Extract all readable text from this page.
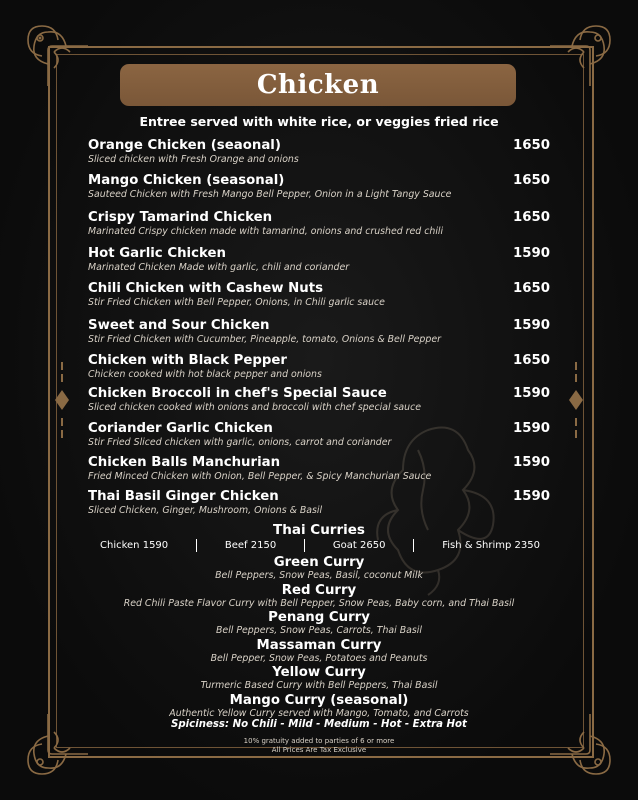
Chicken
Entree served with white rice, or veggies fried rice
Orange Chicken (seaonal)	1650
Sliced chicken with Fresh Orange and onions
Mango Chicken (seasonal)	1650
Sauteed Chicken with Fresh Mango Bell Pepper, Onion in a Light Tangy Sauce
Crispy Tamarind Chicken	1650
Marinated Crispy chicken made with tamarind, onions and crushed red chili
Hot Garlic Chicken	1590
Marinated Chicken Made with garlic, chili and coriander
Chili Chicken with Cashew Nuts	1650
Stir Fried Chicken with Bell Pepper, Onions, in Chili garlic sauce
Sweet and Sour Chicken	1590
Stir Fried Chicken with Cucumber, Pineapple, tomato, Onions & Bell Pepper
Chicken with Black Pepper	1650
Chicken cooked with hot black pepper and onions
Chicken Broccoli in chef's Special Sauce	1590
Sliced chicken cooked with onions and broccoli with chef special sauce
Coriander Garlic Chicken	1590
Stir Fried Sliced chicken with garlic, onions, carrot and coriander
Chicken Balls Manchurian	1590
Fried Minced Chicken with Onion, Bell Pepper, & Spicy Manchurian Sauce
Thai Basil Ginger Chicken	1590
Sliced Chicken, Ginger, Mushroom, Onions & Basil
Thai Curries
Chicken 1590	Beef 2150	Goat 2650	Fish & Shrimp 2350
Green Curry
Bell Peppers, Snow Peas, Basil, coconut Milk
Red Curry
Red Chili Paste Flavor Curry with Bell Pepper, Snow Peas, Baby corn, and Thai Basil
Penang Curry
Bell Peppers, Snow Peas, Carrots, Thai Basil
Massaman Curry
Bell Pepper, Snow Peas, Potatoes and Peanuts
Yellow Curry
Turmeric Based Curry with Bell Peppers, Thai Basil
Mango Curry (seasonal)
Authentic Yellow Curry served with Mango, Tomato, and Carrots
Spiciness: No Chili - Mild - Medium - Hot - Extra Hot
10% gratuity added to parties of 6 or more
All Prices Are Tax Exclusive
